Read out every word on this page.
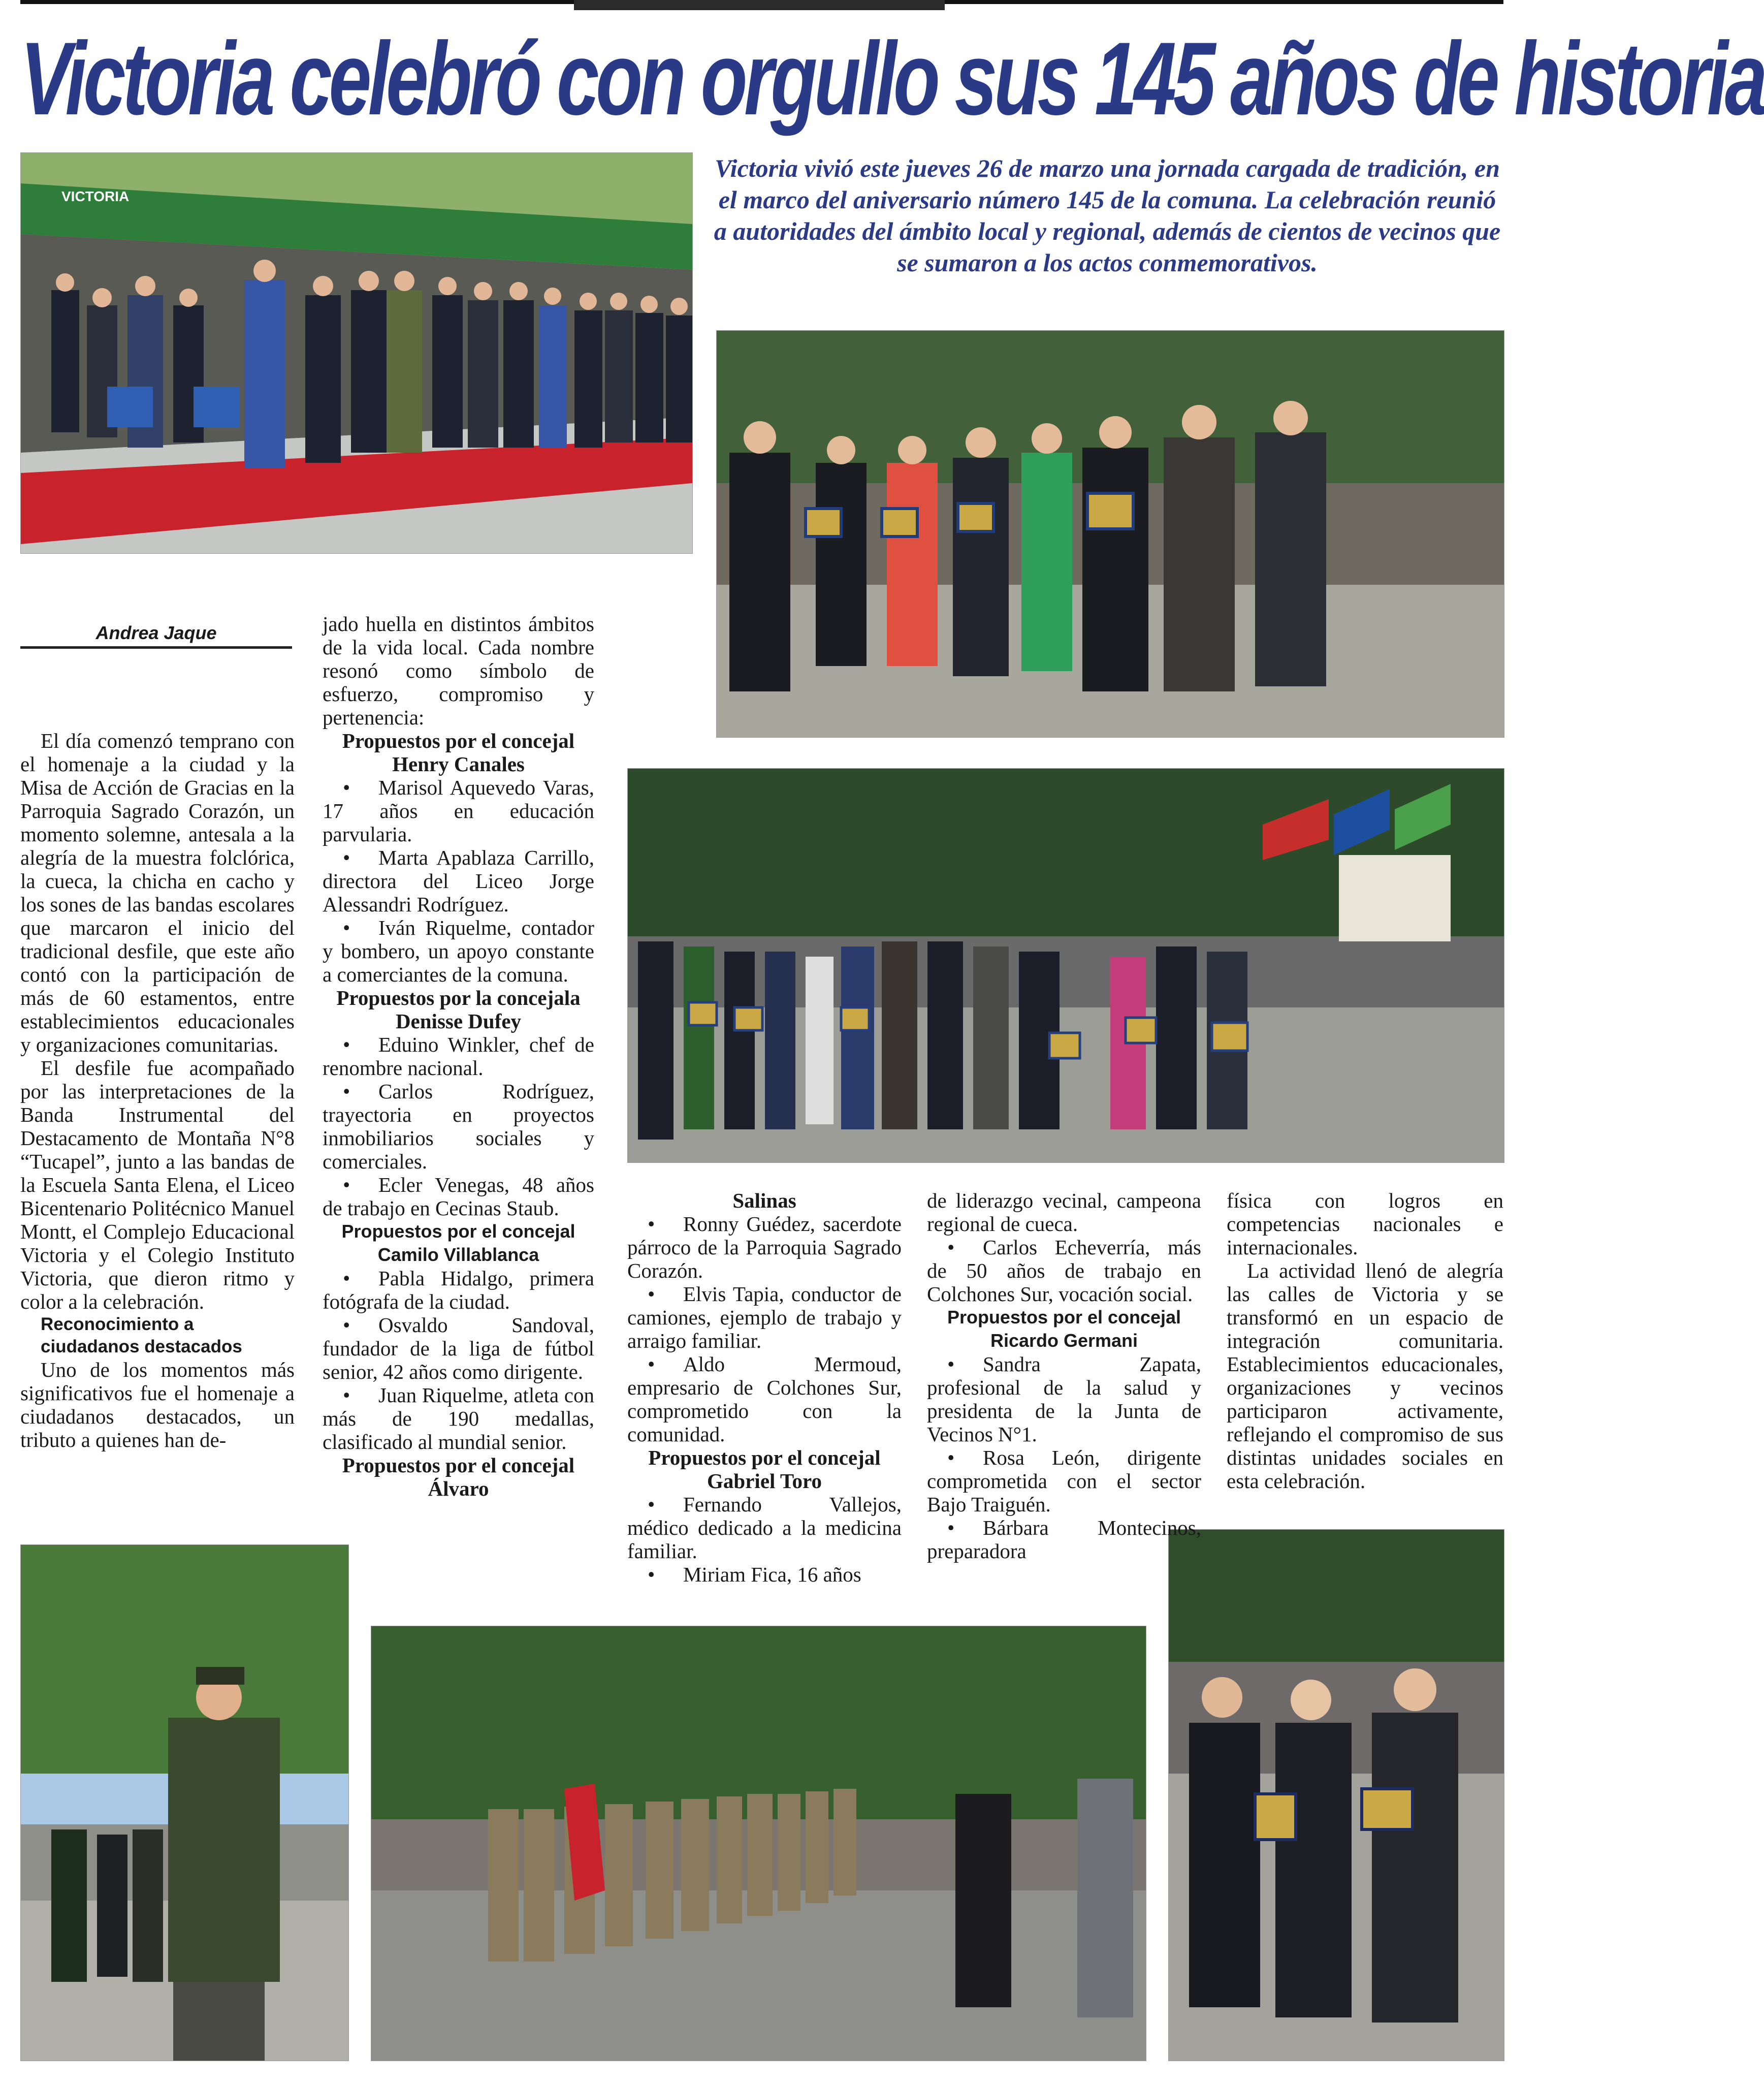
Victoria celebró con orgullo sus 145 años de historia
Victoria vivió este jueves 26 de marzo una jornada cargada de tradición, en el marco del aniversario número 145 de la comuna. La celebración reunió a autoridades del ámbito local y regional, además de cientos de vecinos que se sumaron a los actos conmemorativos.
VICTORIA
Andrea Jaque

El día comenzó temprano con el homenaje a la ciudad y la Misa de Acción de Gracias en la Parroquia Sagrado Corazón, un momento solemne, antesala a la alegría de la muestra folclórica, la cueca, la chicha en cacho y los sones de las bandas escolares que marcaron el inicio del tradicional desfile, que este año contó con la participación de más de 60 estamentos, entre establecimientos educacionales y organizaciones comunitarias.

El desfile fue acompañado por las interpretaciones de la Banda Instrumental del Destacamento de Montaña N°8 “Tucapel”, junto a las bandas de la Escuela Santa Elena, el Liceo Bicentenario Politécnico Manuel Montt, el Complejo Educacional Victoria y el Colegio Instituto Victoria, que dieron ritmo y color a la celebración.

Reconocimiento a ciudadanos destacados

Uno de los momentos más significativos fue el homenaje a ciudadanos destacados, un tributo a quienes han de-

jado huella en distintos ámbitos de la vida local. Cada nombre resonó como símbolo de esfuerzo, compromiso y pertenencia:

Propuestos por el concejal Henry Canales
• Marisol Aquevedo Varas, 17 años en educación parvularia.
• Marta Apablaza Carrillo, directora del Liceo Jorge Alessandri Rodríguez.
• Iván Riquelme, contador y bombero, un apoyo constante a comerciantes de la comuna.
Propuestos por la concejala Denisse Dufey
• Eduino Winkler, chef de renombre nacional.
• Carlos Rodríguez, trayectoria en proyectos inmobiliarios sociales y comerciales.
• Ecler Venegas, 48 años de trabajo en Cecinas Staub.
Propuestos por el concejal Camilo Villablanca
• Pabla Hidalgo, primera fotógrafa de la ciudad.
• Osvaldo Sandoval, fundador de la liga de fútbol senior, 42 años como dirigente.
• Juan Riquelme, atleta con más de 190 medallas, clasificado al mundial senior.
Propuestos por el concejal Álvaro
Salinas
• Ronny Guédez, sacerdote párroco de la Parroquia Sagrado Corazón.
• Elvis Tapia, conductor de camiones, ejemplo de trabajo y arraigo familiar.
• Aldo Mermoud, empresario de Colchones Sur, comprometido con la comunidad.
Propuestos por el concejal Gabriel Toro
• Fernando Vallejos, médico dedicado a la medicina familiar.
• Miriam Fica, 16 años

de liderazgo vecinal, campeona regional de cueca.

• Carlos Echeverría, más de 50 años de trabajo en Colchones Sur, vocación social.
Propuestos por el concejal Ricardo Germani
• Sandra Zapata, profesional de la salud y presidenta de la Junta de Vecinos N°1.
• Rosa León, dirigente comprometida con el sector Bajo Traiguén.
• Bárbara Montecinos, preparadora

física con logros en competencias nacionales e internacionales.

La actividad llenó de alegría las calles de Victoria y se transformó en un espacio de integración comunitaria. Establecimientos educacionales, organizaciones y vecinos participaron activamente, reflejando el compromiso de sus distintas unidades sociales en esta celebración.
